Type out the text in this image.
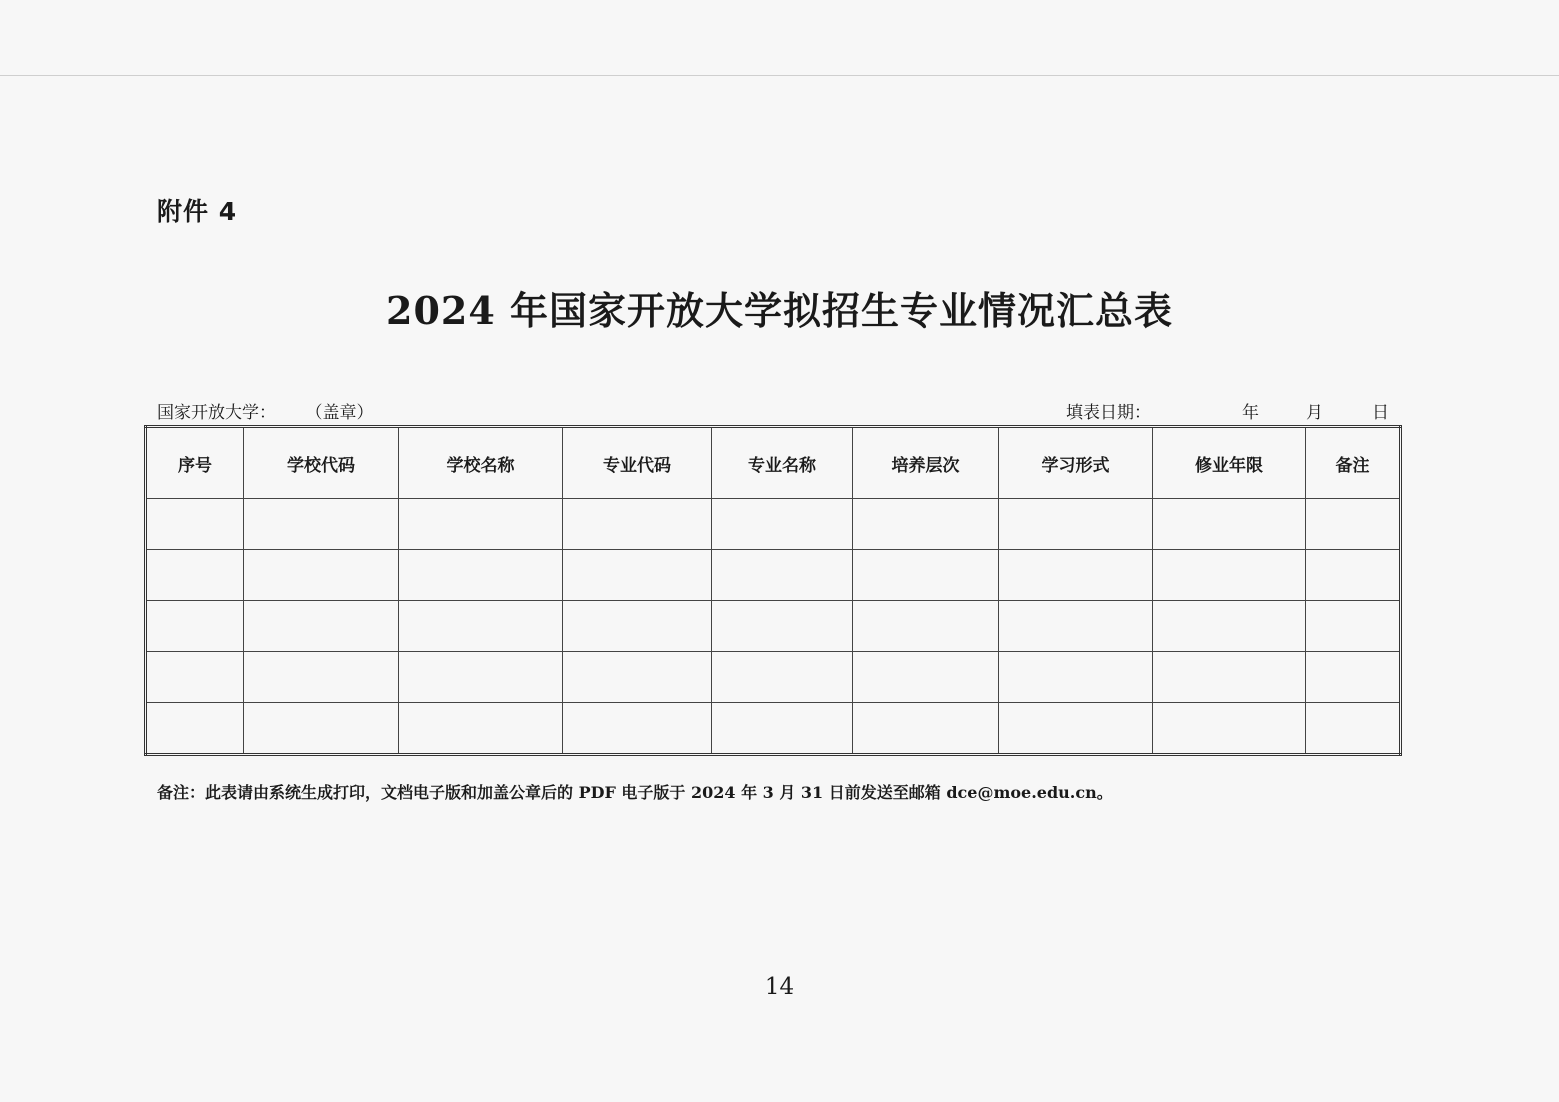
附件 4
2024 年国家开放大学拟招生专业情况汇总表
国家开放大学： （盖章）	填表日期：	年	月	日
序号	学校代码	学校名称	专业代码	专业名称	培养层次	学习形式	修业年限	备注

备注：此表请由系统生成打印，文档电子版和加盖公章后的 PDF 电子版于 2024 年 3 月 31 日前发送至邮箱 dce@moe.edu.cn。
14
